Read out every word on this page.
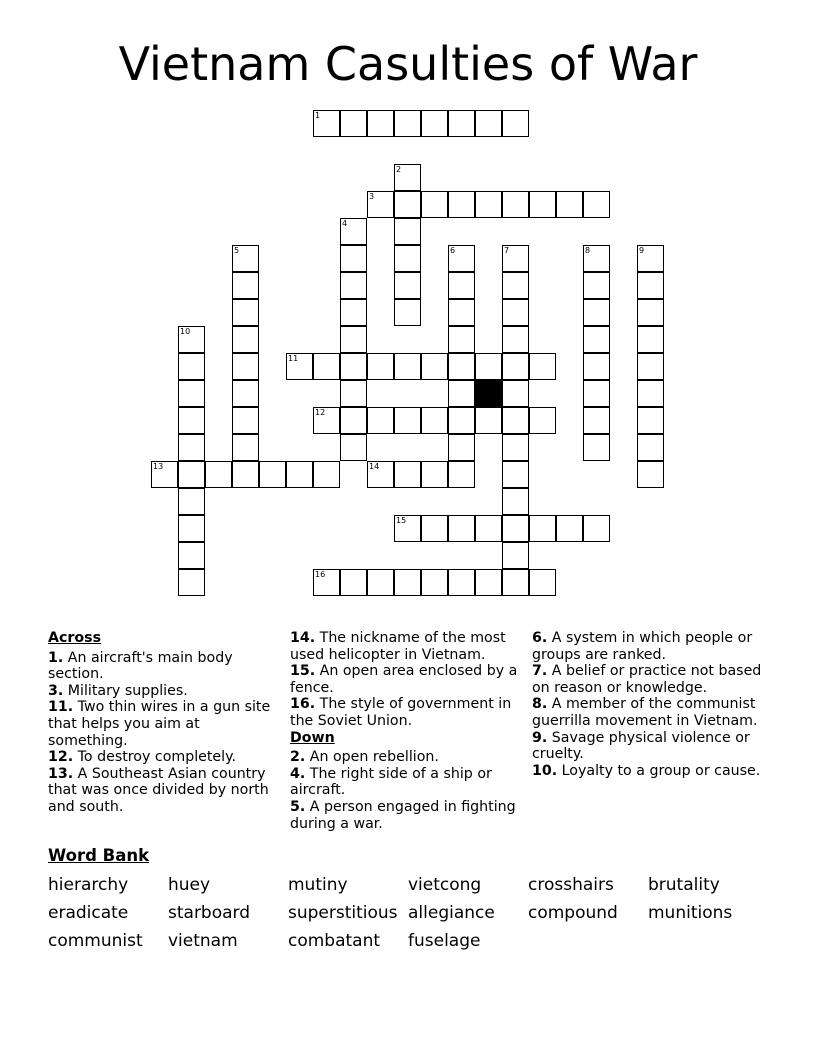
Vietnam Casulties of War
1
2
3
4
5	6	7	8	9
10
11
12
13	14
15
16

Across

1. An aircraft's main body section.

3. Military supplies.

11. Two thin wires in a gun site that helps you aim at something.

12. To destroy completely.

13. A Southeast Asian country that was once divided by north and south.

14. The nickname of the most used helicopter in Vietnam.

15. An open area enclosed by a fence.

16. The style of government in the Soviet Union.

Down

2. An open rebellion.

4. The right side of a ship or aircraft.

5. A person engaged in fighting during a war.

6. A system in which people or groups are ranked.

7. A belief or practice not based on reason or knowledge.

8. A member of the communist guerrilla movement in Vietnam.

9. Savage physical violence or cruelty.

10. Loyalty to a group or cause.

Word Bank
hierarchy huey	mutiny	vietcong	crosshairs brutality
eradicate starboard superstitious allegiance compound munitions
communist vietnam	combatant fuselage
